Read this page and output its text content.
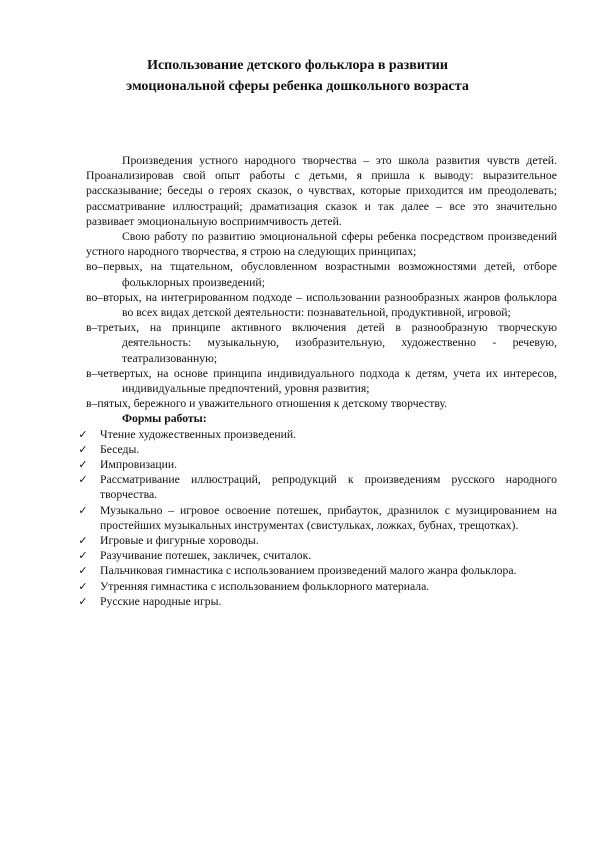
Использование детского фольклора в развитии
эмоциональной сферы ребенка дошкольного возраста

Произведения устного народного творчества – это школа развития чувств детей. Проанализировав свой опыт работы с детьми, я пришла к выводу: выразительное рассказывание; беседы о героях сказок, о чувствах, которые приходится им преодолевать; рассматривание иллюстраций; драматизация сказок и так далее – все это значительно развивает эмоциональную восприимчивость детей.

Свою работу по развитию эмоциональной сферы ребенка посредством произведений устного народного творчества, я строю на следующих принципах;

во–первых, на тщательном, обусловленном возрастными возможностями детей, отборе фольклорных произведений;

во–вторых, на интегрированном подходе – использовании разнообразных жанров фольклора во всех видах детской деятельности: познавательной, продуктивной, игровой;

в–третьих, на принципе активного включения детей в разнообразную творческую деятельность: музыкальную, изобразительную, художественно - речевую, театрализованную;

в–четвертых, на основе принципа индивидуального подхода к детям, учета их интересов, индивидуальные предпочтений, уровня развития;

в–пятых, бережного и уважительного отношения к детскому творчеству.

Формы работы:

✓ Чтение художественных произведений.
✓ Беседы.
✓ Импровизации.
✓ Рассматривание иллюстраций, репродукций к произведениям русского народного творчества.
✓ Музыкально – игровое освоение потешек, прибауток, дразнилок с музицированием на простейших музыкальных инструментах (свистульках, ложках, бубнах, трещотках).
✓ Игровые и фигурные хороводы.
✓ Разучивание потешек, закличек, считалок.
✓ Пальчиковая гимнастика с использованием произведений малого жанра фольклора.
✓ Утренняя гимнастика с использованием фольклорного материала.
✓ Русские народные игры.
